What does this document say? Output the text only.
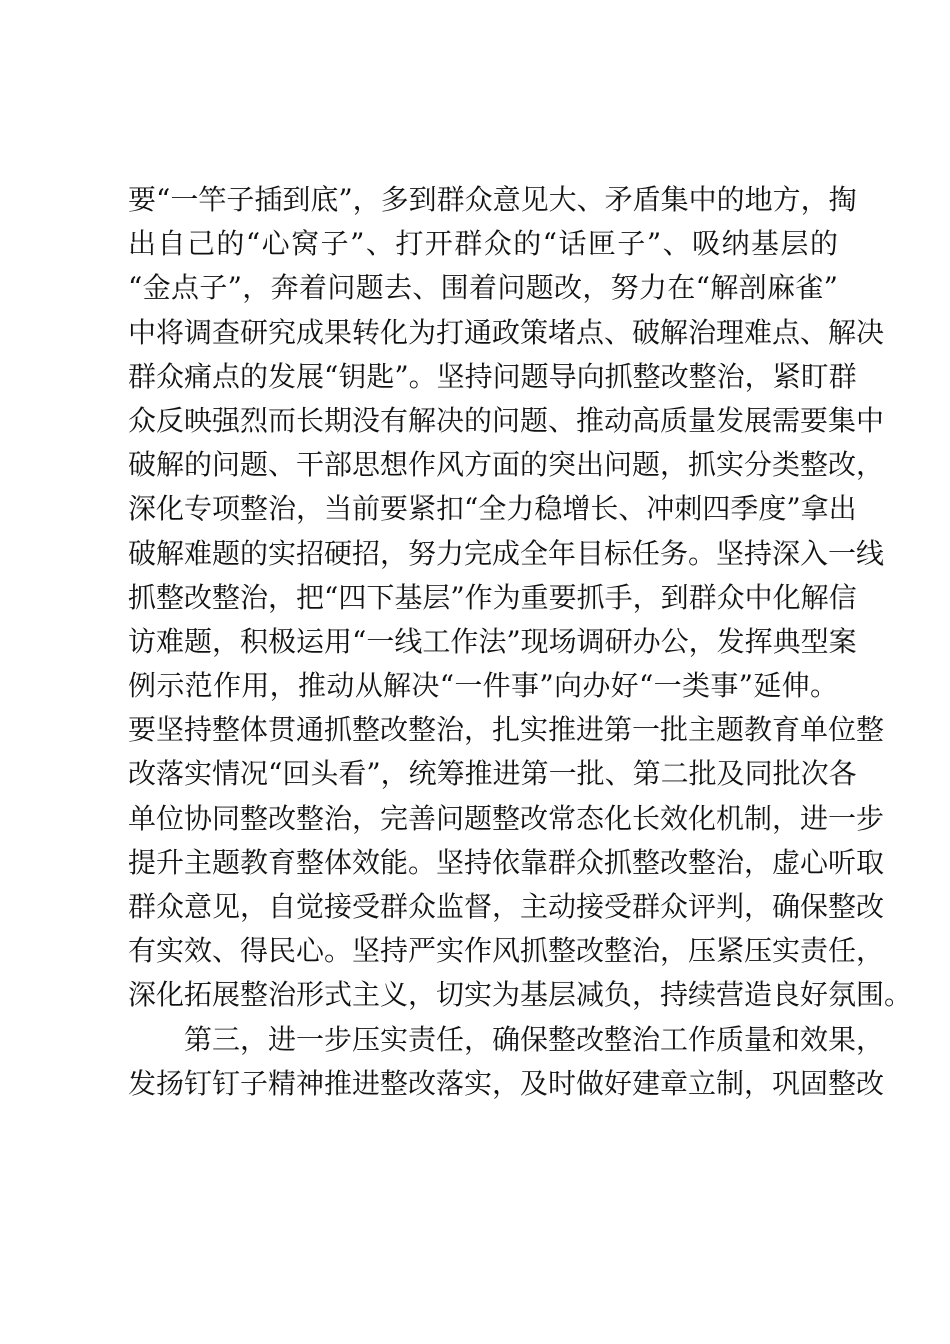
要“一竿子插到底”，多到群众意见大、矛盾集中的地方，掏
出自己的“心窝子”、打开群众的“话匣子”、吸纳基层的
“金点子”，奔着问题去、围着问题改，努力在“解剖麻雀”
中将调查研究成果转化为打通政策堵点、破解治理难点、解决
群众痛点的发展“钥匙”。坚持问题导向抓整改整治，紧盯群
众反映强烈而长期没有解决的问题、推动高质量发展需要集中
破解的问题、干部思想作风方面的突出问题，抓实分类整改，
深化专项整治，当前要紧扣“全力稳增长、冲刺四季度”拿出
破解难题的实招硬招，努力完成全年目标任务。坚持深入一线
抓整改整治，把“四下基层”作为重要抓手，到群众中化解信
访难题，积极运用“一线工作法”现场调研办公，发挥典型案
例示范作用，推动从解决“一件事”向办好“一类事”延伸。
要坚持整体贯通抓整改整治，扎实推进第一批主题教育单位整
改落实情况“回头看”，统筹推进第一批、第二批及同批次各
单位协同整改整治，完善问题整改常态化长效化机制，进一步
提升主题教育整体效能。坚持依靠群众抓整改整治，虚心听取
群众意见，自觉接受群众监督，主动接受群众评判，确保整改
有实效、得民心。坚持严实作风抓整改整治，压紧压实责任，
深化拓展整治形式主义，切实为基层减负，持续营造良好氛围。
第三，进一步压实责任，确保整改整治工作质量和效果，
发扬钉钉子精神推进整改落实，及时做好建章立制，巩固整改
